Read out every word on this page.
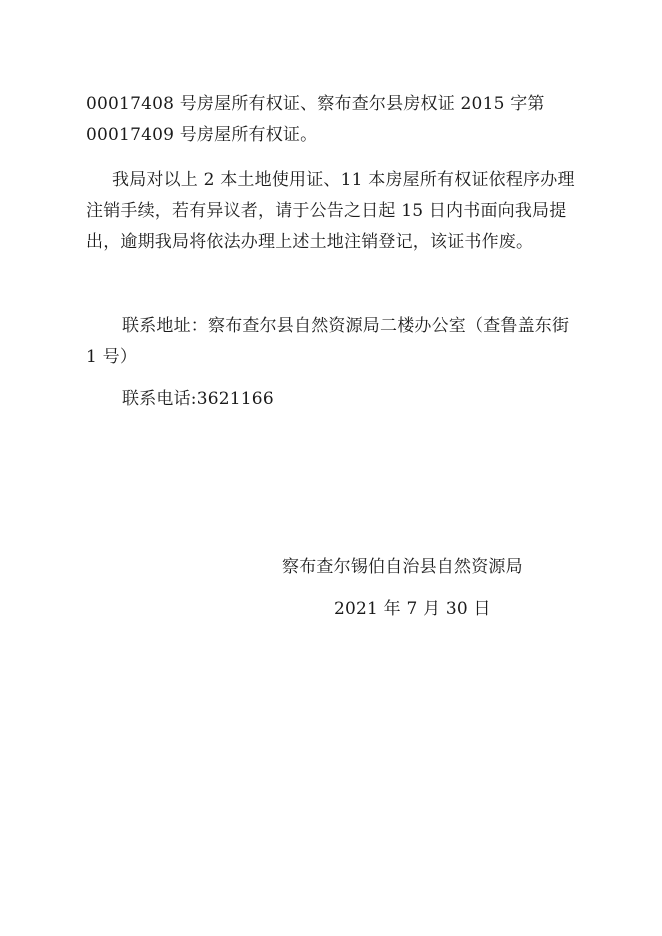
00017408 号房屋所有权证、察布查尔县房权证 2015 字第
00017409 号房屋所有权证。
我局对以上 2 本土地使用证、11 本房屋所有权证依程序办理
注销手续，若有异议者，请于公告之日起 15 日内书面向我局提
出，逾期我局将依法办理上述土地注销登记，该证书作废。
联系地址：察布查尔县自然资源局二楼办公室（查鲁盖东街
1 号）
联系电话:3621166
察布查尔锡伯自治县自然资源局
2021 年 7 月 30 日
